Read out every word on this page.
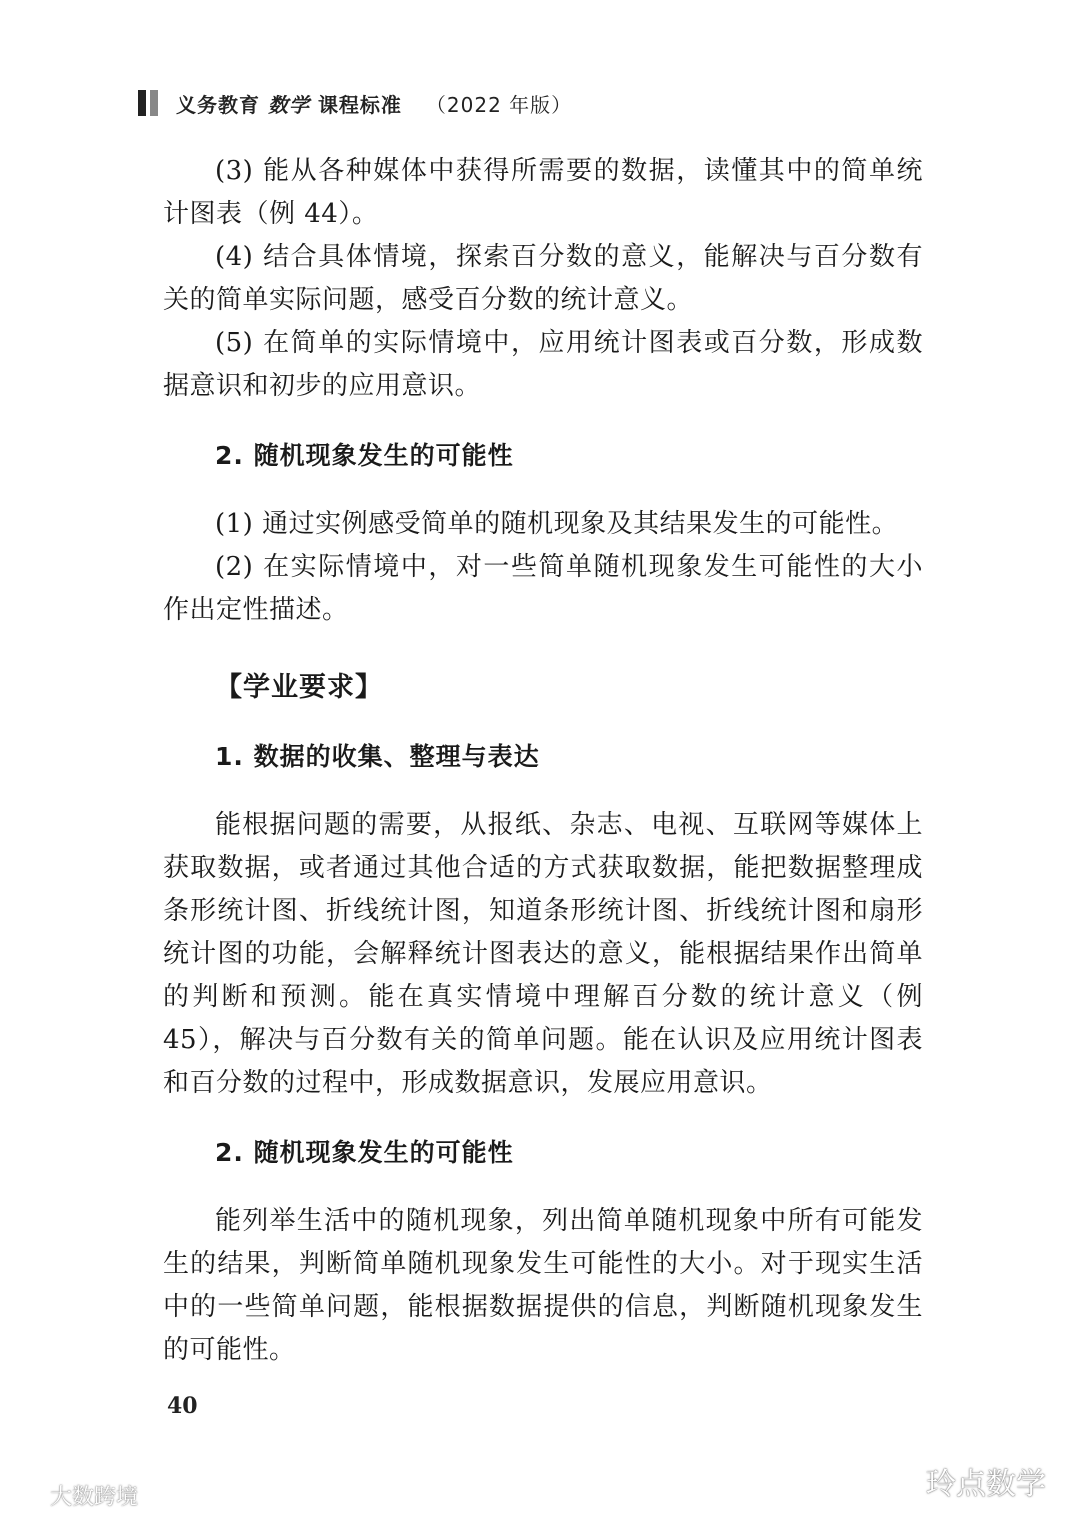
义务教育 数学 课程标准 （2022 年版）

(3) 能从各种媒体中获得所需要的数据，读懂其中的简单统计图表（例 44）。

(4) 结合具体情境，探索百分数的意义，能解决与百分数有关的简单实际问题，感受百分数的统计意义。

(5) 在简单的实际情境中，应用统计图表或百分数，形成数据意识和初步的应用意识。

2. 随机现象发生的可能性

(1) 通过实例感受简单的随机现象及其结果发生的可能性。

(2) 在实际情境中，对一些简单随机现象发生可能性的大小作出定性描述。

【学业要求】
1. 数据的收集、整理与表达

能根据问题的需要，从报纸、杂志、电视、互联网等媒体上获取数据，或者通过其他合适的方式获取数据，能把数据整理成条形统计图、折线统计图，知道条形统计图、折线统计图和扇形统计图的功能，会解释统计图表达的意义，能根据结果作出简单的判断和预测。能在真实情境中理解百分数的统计意义（例 45），解决与百分数有关的简单问题。能在认识及应用统计图表和百分数的过程中，形成数据意识，发展应用意识。

2. 随机现象发生的可能性

能列举生活中的随机现象，列出简单随机现象中所有可能发生的结果，判断简单随机现象发生可能性的大小。对于现实生活中的一些简单问题，能根据数据提供的信息，判断随机现象发生的可能性。

40
大数跨境	玲点数学
